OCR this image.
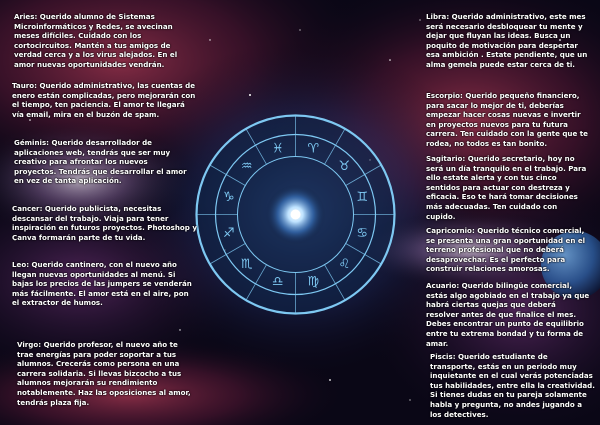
♈
♉
♊
♋
♌
♍
♎
♏
♐
♑
♒
♓

Aries: Querido alumno de Sistemas Microinformáticos y Redes, se avecinan meses difíciles. Cuidado con los cortocircuitos. Mantén a tus amigos de verdad cerca y a los virus alejados. En el amor nuevas oportunidades vendrán.

Tauro: Querido administrativo, las cuentas de enero están complicadas, pero mejorarán con el tiempo, ten paciencia. El amor te llegará vía email, mira en el buzón de spam.

Géminis: Querido desarrollador de aplicaciones web, tendrás que ser muy creativo para afrontar los nuevos proyectos. Tendrás que desarrollar el amor en vez de tanta aplicación.

Cancer: Querido publicista, necesitas descansar del trabajo. Viaja para tener inspiración en futuros proyectos. Photoshop y Canva formarán parte de tu vida.

Leo: Querido cantinero, con el nuevo año llegan nuevas oportunidades al menú. Si bajas los precios de las jumpers se venderán más fácilmente. El amor está en el aire, pon el extractor de humos.

Virgo: Querido profesor, el nuevo año te trae energías para poder soportar a tus alumnos. Crecerás como persona en una carrera solidaria. Si llevas bizcocho a tus alumnos mejorarán su rendimiento notablemente. Haz las oposiciones al amor, tendrás plaza fija.

Libra: Querido administrativo, este mes será necesario desbloquear tu mente y dejar que fluyan las ideas. Busca un poquito de motivación para despertar esa ambición . Estate pendiente, que un alma gemela puede estar cerca de ti.

Escorpio: Querido pequeño financiero, para sacar lo mejor de ti, deberías empezar hacer cosas nuevas e invertir en proyectos nuevos para tu futura carrera. Ten cuidado con la gente que te rodea, no todos es tan bonito.

Sagitario: Querido secretario, hoy no será un día tranquilo en el trabajo. Para ello estate alerta y con tus cinco sentidos para actuar con destreza y eficacia. Eso te hará tomar decisiones más adecuadas. Ten cuidado con cupido.

Capricornio: Querido técnico comercial, se presenta una gran oportunidad en el terreno profesional que no deberá desaprovechar. Es el perfecto para construir relaciones amorosas.

Acuario: Querido bilingüe comercial, estás algo agobiado en el trabajo ya que habrá ciertas quejas que deberá resolver antes de que finalice el mes. Debes encontrar un punto de equilibrio entre tu extrema bondad y tu forma de amar.

Piscis: Querido estudiante de transporte, estás en un periodo muy inquietante en el cual verás potenciadas tus habilidades, entre ella la creatividad. Si tienes dudas en tu pareja solamente habla y pregunta, no andes jugando a los detectives.
